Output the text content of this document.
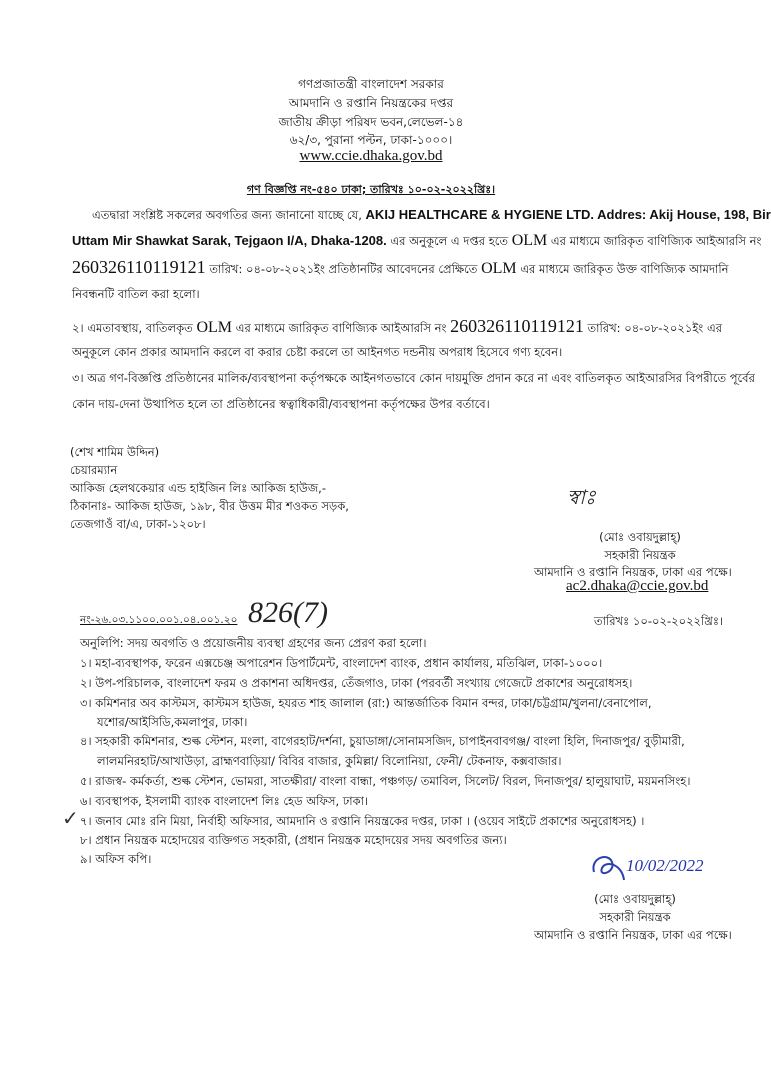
গণপ্রজাতন্ত্রী বাংলাদেশ সরকার
আমদানি ও রপ্তানি নিয়ন্ত্রকের দপ্তর
জাতীয় ক্রীড়া পরিষদ ভবন,লেভেল-১৪
৬২/৩, পুরানা পল্টন, ঢাকা-১০০০।
www.ccie.dhaka.gov.bd
গণ বিজ্ঞপ্তি নং-৫৪০ ঢাকা; তারিখঃ ১০-০২-২০২২খ্রিঃ।
এতদ্বারা সংশ্লিষ্ট সকলের অবগতির জন্য জানানো যাচ্ছে যে, AKIJ HEALTHCARE & HYGIENE LTD. Addres: Akij House, 198, Bir
Uttam Mir Shawkat Sarak, Tejgaon I/A, Dhaka-1208. এর অনুকূলে এ দপ্তর হতে OLM এর মাধ্যমে জারিকৃত বাণিজ্যিক আইআরসি নং
260326110119121 তারিখ: ০৪-০৮-২০২১ইং প্রতিষ্ঠানটির আবেদনের প্রেক্ষিতে OLM এর মাধ্যমে জারিকৃত উক্ত বাণিজ্যিক আমদানি
নিবন্ধনটি বাতিল করা হলো।
২। এমতাবস্থায়, বাতিলকৃত OLM এর মাধ্যমে জারিকৃত বাণিজ্যিক আইআরসি নং 260326110119121 তারিখ: ০৪-০৮-২০২১ইং এর
অনুকূলে কোন প্রকার আমদানি করলে বা করার চেষ্টা করলে তা আইনগত দন্ডনীয় অপরাধ হিসেবে গণ্য হবেন।
৩। অত্র গণ-বিজ্ঞপ্তি প্রতিষ্ঠানের মালিক/ব্যবস্থাপনা কর্তৃপক্ষকে আইনগতভাবে কোন দায়মুক্তি প্রদান করে না এবং বাতিলকৃত আইআরসির বিপরীতে পূর্বের
কোন দায়-দেনা উত্থাপিত হলে তা প্রতিষ্ঠানের স্বত্বাধিকারী/ব্যবস্থাপনা কর্তৃপক্ষের উপর বর্তাবে।
(শেখ শামিম উদ্দিন)
চেয়ারম্যান
আকিজ হেলথকেয়ার এন্ড হাইজিন লিঃ আকিজ হাউজ,-
ঠিকানাঃ- আকিজ হাউজ, ১৯৮, বীর উত্তম মীর শওকত সড়ক,
তেজগাওঁ বা/এ, ঢাকা-১২০৮।
স্বাঃ
(মোঃ ওবায়দুল্লাহ্)
সহকারী নিয়ন্ত্রক
আমদানি ও রপ্তানি নিয়ন্ত্রক, ঢাকা এর পক্ষে।
ac2.dhaka@ccie.gov.bd
নং-২৬.০৩.১১০০.০০১.০৪.০০১.২০ 826(7)	তারিখঃ ১০-০২-২০২২খ্রিঃ।
অনুলিপি: সদয় অবগতি ও প্রয়োজনীয় ব্যবস্থা গ্রহণের জন্য প্রেরণ করা হলো।
১। মহা-ব্যবস্থাপক, ফরেন এক্সচেঞ্জ অপারেশন ডিপার্টমেন্ট, বাংলাদেশ ব্যাংক, প্রধান কার্যালয়, মতিঝিল, ঢাকা-১০০০।
২। উপ-পরিচালক, বাংলাদেশ ফরম ও প্রকাশনা অধিদপ্তর, তেঁজগাও, ঢাকা (পরবর্তী সংখ্যায় গেজেটে প্রকাশের অনুরোধসহ।
৩। কমিশনার অব কাস্টমস, কাস্টমস হাউজ, হযরত শাহ জালাল (রা:) আন্তর্জাতিক বিমান বন্দর, ঢাকা/চট্টগ্রাম/খুলনা/বেনাপোল,
যশোর/আইসিডি,কমলাপুর, ঢাকা।
৪। সহকারী কমিশনার, শুল্ক স্টেশন, মংলা, বাগেরহাট/দর্শনা, চুয়াডাঙ্গা/সোনামসজিদ, চাপাইনবাবগঞ্জ/ বাংলা হিলি, দিনাজপুর/ বুড়ীমারী,
লালমনিরহাট/আখাউড়া, ব্রাহ্মণবাড়িয়া/ বিবির বাজার, কুমিল্লা/ বিলোনিয়া, ফেনী/ টেকনাফ, কক্সবাজার।
৫। রাজস্ব- কর্মকর্তা, শুল্ক স্টেশন, ভোমরা, সাতক্ষীরা/ বাংলা বান্ধা, পঞ্চগড়/ তমাবিল, সিলেট/ বিরল, দিনাজপুর/ হালুয়াঘাট, ময়মনসিংহ।
৬। ব্যবস্থাপক, ইসলামী ব্যাংক বাংলাদেশ লিঃ হেড অফিস, ঢাকা।
✓ ৭। জনাব মোঃ রনি মিয়া, নির্বাহী অফিসার, আমদানি ও রপ্তানি নিয়ন্ত্রকের দপ্তর, ঢাকা । (ওয়েব সাইটে প্রকাশের অনুরোধসহ) ।
৮। প্রধান নিয়ন্ত্রক মহোদয়ের ব্যক্তিগত সহকারী, (প্রধান নিয়ন্ত্রক মহোদয়ের সদয় অবগতির জন্য।
৯। অফিস কপি।	10/02/2022
(মোঃ ওবায়দুল্লাহ্)
সহকারী নিয়ন্ত্রক
আমদানি ও রপ্তানি নিয়ন্ত্রক, ঢাকা এর পক্ষে।
